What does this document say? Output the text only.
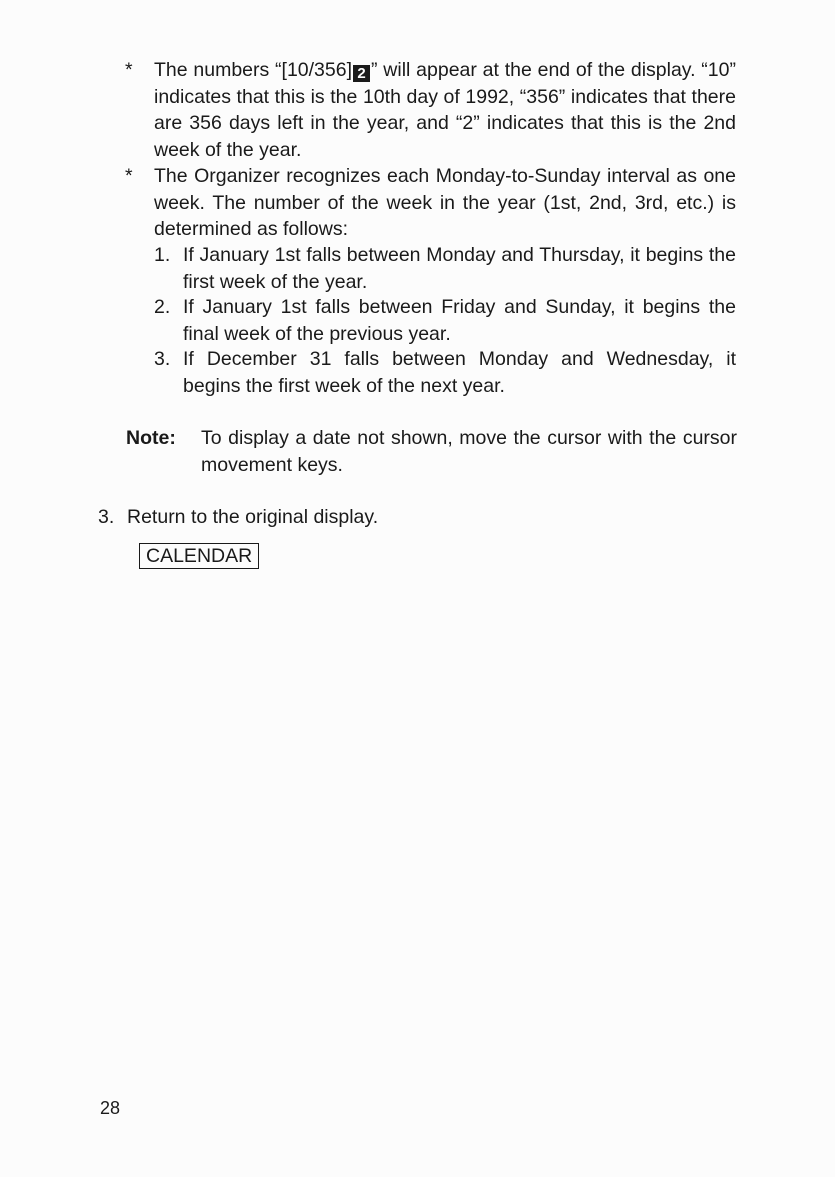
*	The numbers “[10/356] 2 ” will appear at the end of the display. “10” indicates that this is the 10th day of 1992, “356” indicates that there are 356 days left in the year, and “2” indicates that this is the 2nd week of the year.
*	The Organizer recognizes each Monday-to-Sunday interval as one week. The number of the week in the year (1st, 2nd, 3rd, etc.) is determined as follows:
1. If January 1st falls between Monday and Thursday, it begins the first week of the year.
2. If January 1st falls between Friday and Sunday, it begins the final week of the previous year.
3. If December 31 falls between Monday and Wednesday, it begins the first week of the next year.
Note: To display a date not shown, move the cursor with the cursor movement keys.
3. Return to the original display.
CALENDAR
28
